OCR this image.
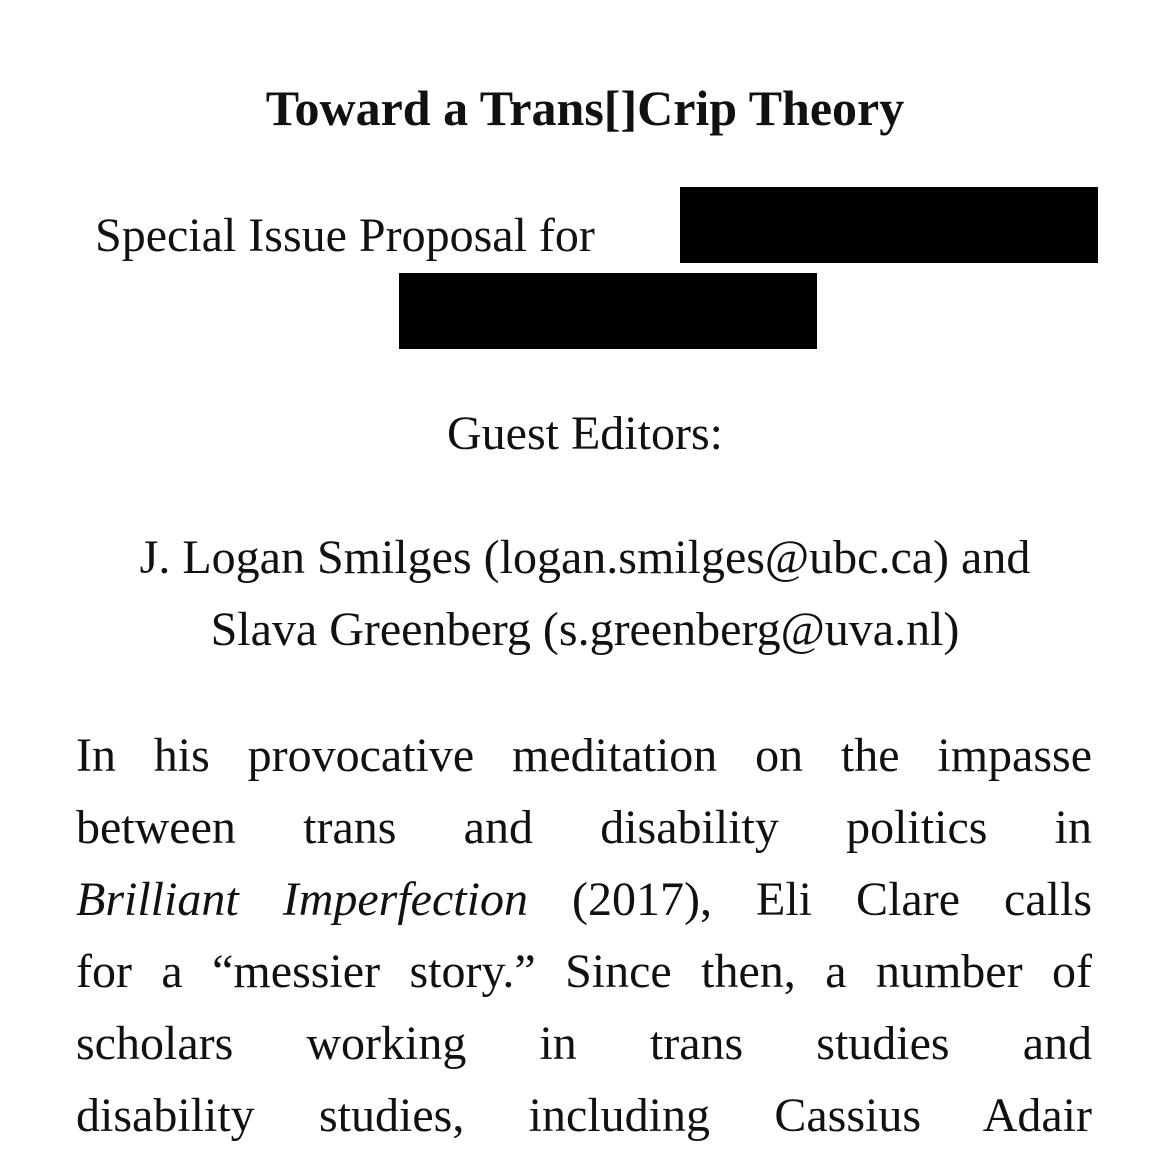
Toward a Trans[]Crip Theory
Special Issue Proposal for

Guest Editors:

J. Logan Smilges (logan.smilges@ubc.ca) and
Slava Greenberg (s.greenberg@uva.nl)

In his provocative meditation on the impasse
between trans and disability politics in
Brilliant Imperfection (2017), Eli Clare calls
for a “messier story.” Since then, a number of
scholars working in trans studies and
disability studies, including Cassius Adair
